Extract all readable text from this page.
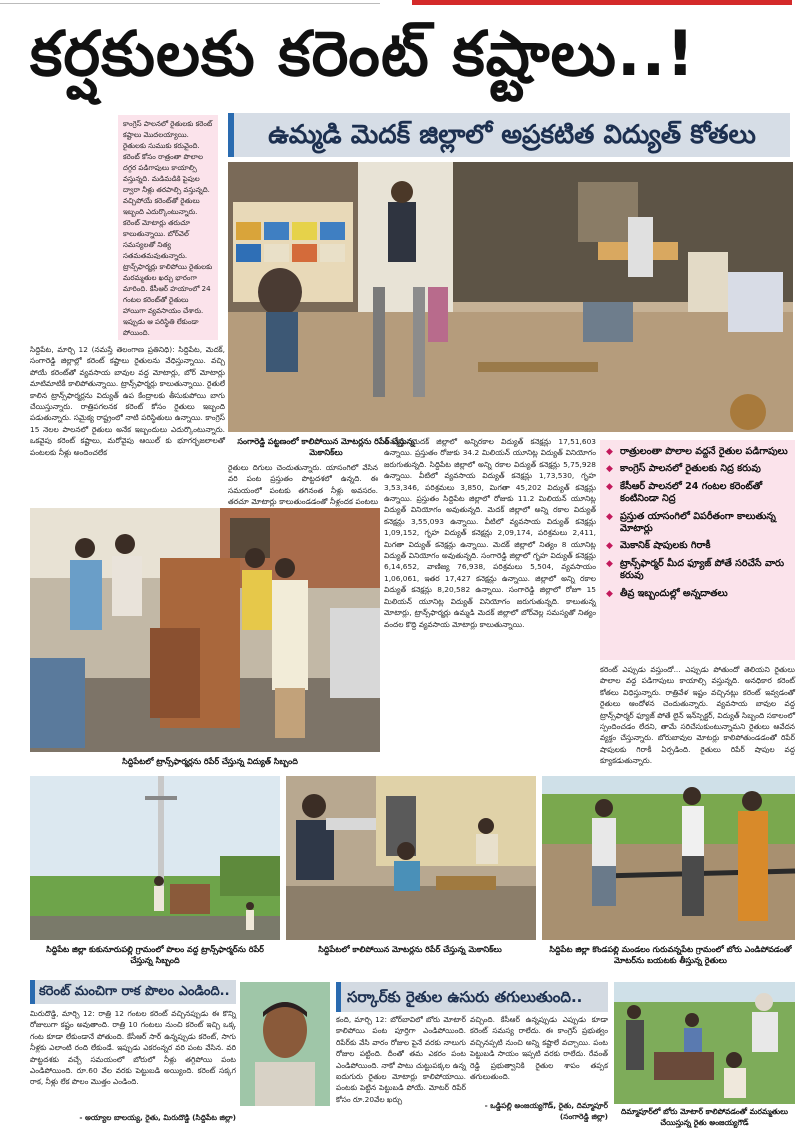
కర్షకులకు కరెంట్ కష్టాలు..!
కాంగ్రెస్ పాలనలో రైతులకు కరెంట్ కష్టాలు మొదలయ్యాయి. రైతులకు సుముకు కరువైంది. కరెంట్ కోసం రాత్రంతా పొలాల దగ్గర పడిగాపులు కాయాల్సి వస్తున్నది. మడిమడికి పైపుల ద్వారా నీళ్లు తరపాల్సి వస్తున్నది. వచ్చిపోయే కరెంట్‌తో రైతులు ఇబ్బంది ఎదుర్కొంటున్నారు. కరెంట్ మోటార్లు తరుచూ కాలుతున్నాయి. బోర్‌వెల్ సమస్యలతో నిత్య సతమతమవుతున్నారు. ట్రాన్స్‌ఫార్మర్లు కాలిపోయి రైతులకు మరమ్మతుల ఖర్చు భారంగా మారింది. కేసీఆర్ హయాంలో 24 గంటల కరెంట్‌తో రైతులు హాయిగా వ్యవసాయం చేశారు. ఇప్పుడు ఆ పరిస్థితి లేకుండా పోయింది.
ఉమ్మడి మెదక్ జిల్లాలో అప్రకటిత విద్యుత్ కోతలు
సంగారెడ్డి పట్టణంలో కాలిపోయిన మోటర్లను రిపేర్ చేస్తున్న మెకానిక్‌లు
సిద్దిపేట, మార్చి 12 (నమస్తే తెలంగాణ ప్రతినిధి): సిద్దిపేట, మెదక్, సంగారెడ్డి జిల్లాల్లో కరెంట్ కష్టాలు రైతులను వేధిస్తున్నాయి. వచ్చి పోయే కరెంట్‌తో వ్యవసాయ బావుల వద్ద మోటార్లు, బోర్ మోటార్లు మాటిమాటికీ కాలిపోతున్నాయి. ట్రాన్స్‌ఫార్మర్లు కాలుతున్నాయి. రైతులే కాలిన ట్రాన్స్‌ఫార్మర్లను విద్యుత్ ఉప కేంద్రాలకు తీసుకుపోయి బాగు చేయిస్తున్నారు. రాత్రిపగలనక కరెంట్ కోసం రైతులు ఇబ్బంది పడుతున్నారు. సమైక్య రాష్ట్రంలో నాటి పరిస్థితులు ఉన్నాయి. కాంగ్రెస్ 15 నెలల పాలనలో రైతులు అనేక ఇబ్బందులు ఎదుర్కొంటున్నారు. ఒకవైపు కరెంట్ కష్టాలు, మరోవైపు ఆయిల్ కు భూగర్భజలాలతో పంటలకు నీళ్లు అందించలేక
రైతులు దిగులు చెందుతున్నారు. యాసంగిలో వేసిన వరి పంట ప్రస్తుతం పొట్టదశలో ఉన్నది. ఈ సమయంలో పంటకు తగినంత నీళ్లు అవసరం. తరచూ మోటార్లు కాలుతుండడంతో నీళ్లందక పంటలు
ఉమ్మడి మెదక్ జిల్లాలో అన్నిరకాల విద్యుత్ కనెక్షన్లు 17,51,603 ఉన్నాయి. ప్రస్తుతం రోజుకు 34.2 మిలియన్ యూనిట్ల విద్యుత్ వినియోగం జరుగుతున్నది. సిద్దిపేట జిల్లాలో అన్ని రకాల విద్యుత్ కనెక్షన్లు 5,75,928 ఉన్నాయి. వీటిలో వ్యవసాయ విద్యుత్ కనెక్షన్లు 1,73,530, గృహ 3,53,346, పరిశ్రమలు 3,850, మిగతా 45,202 విద్యుత్ కనెక్షన్లు ఉన్నాయి. ప్రస్తుతం సిద్దిపేట జిల్లాలో రోజుకు 11.2 మిలియన్ యూనిట్ల విద్యుత్ వినియోగం అవుతున్నది. మెదక్ జిల్లాలో అన్ని రకాల విద్యుత్ కనెక్షన్లు 3,55,093 ఉన్నాయి. వీటిలో వ్యవసాయ విద్యుత్ కనెక్షన్లు 1,09,152, గృహ విద్యుత్ కనెక్షన్లు 2,09,174, పరిశ్రమలు 2,411, మిగతా విద్యుత్ కనెక్షన్లు ఉన్నాయి. మెదక్ జిల్లాలో నిత్యం 8 యూనిట్ల విద్యుత్ వినియోగం అవుతున్నది. సంగారెడ్డి జిల్లాలో గృహ విద్యుత్ కనెక్షన్లు 6,14,652, వాణిజ్య 76,938, పరిశ్రమలు 5,504, వ్యవసాయం 1,06,061, ఇతర 17,427 కనెక్షన్లు ఉన్నాయి. జిల్లాలో అన్ని రకాల విద్యుత్ కనెక్షన్లు 8,20,582 ఉన్నాయి. సంగారెడ్డి జిల్లాలో రోజూ 15 మిలియన్ యూనిట్ల విద్యుత్ వినియోగం జరుగుతున్నది. కాలుతున్న మోటార్లు, ట్రాన్స్‌ఫార్మర్లు ఉమ్మడి మెదక్ జిల్లాలో బోర్‌వెల్ల సమస్యతో నిత్యం వందల కొద్ది వ్యవసాయ మోటార్లు కాలుతున్నాయి.
◆ రాత్రులంతా పొలాల వద్దనే రైతుల పడిగాపులు
◆ కాంగ్రెస్ పాలనలో రైతులకు నిద్ర కరువు
◆ కేసీఆర్ పాలనలో 24 గంటల కరెంట్‌తో కంటినిండా నిద్ర
◆ ప్రస్తుత యాసంగిలో విపరీతంగా కాలుతున్న మోటార్లు
◆ మెకానిక్ షాపులకు గిరాకీ
◆ ట్రాన్స్‌ఫార్మర్ మీద ఫ్యూజ్ పోతే సరిచేసే వారు కరువు
◆ తీవ్ర ఇబ్బందుల్లో అన్నదాతలు
కరెంట్ ఎప్పుడు వస్తుందో... ఎప్పుడు పోతుందో తెలియని రైతులు పొలాల వద్ద పడిగాపులు కాయాల్సి వస్తున్నది. అనధికార కరెంట్ కోతలు విధిస్తున్నారు. రాత్రివేళ ఇష్టం వచ్చినట్లు కరెంట్ ఇవ్వడంతో రైతులు ఆందోళన చెందుతున్నారు. వ్యవసాయ బావుల వద్ద ట్రాన్స్‌ఫార్మర్ ఫ్యూజ్ పోతే లైన్ ఇన్‌స్పెక్టర్, విద్యుత్ సిబ్బంది సకాలంలో స్పందించడం లేదని, తామే సరిచేసుకుంటున్నామని రైతులు ఆవేదన వ్యక్తం చేస్తున్నారు. బోరుబావుల మోటర్లు కాలిపోతుండడంతో రిపేర్ షాపులకు గిరాకీ ఏర్పడింది. రైతులు రిపేర్ షాపుల వద్ద క్యూకడుతున్నారు.
సిద్దిపేటలో ట్రాన్స్‌ఫార్మర్లను రిపేర్ చేస్తున్న విద్యుత్ సిబ్బంది
సిద్దిపేట జిల్లా కుకునూరుపల్లి గ్రామంలో పొలం వద్ద ట్రాన్స్‌ఫార్మర్‌ను రిపేర్ చేస్తున్న సిబ్బంది
సిద్దిపేటలో కాలిపోయిన మోటర్లను రిపేర్ చేస్తున్న మెకానిక్‌లు	సిద్దిపేట జిల్లా కొండపల్లి మండలం గురువన్నపేట గ్రామంలో బోరు ఎండిపోవడంతో మోటర్‌ను బయటకు తీస్తున్న రైతులు
కరెంట్ మంచిగా రాక పొలం ఎండింది..
మిరుదొడ్డి, మార్చి 12: రాత్రి 12 గంటల కరెంట్ వచ్చినప్పుడు ఈ కొన్ని రోజులుగా కష్టం అవుతాంది. రాత్రి 10 గంటలు నుంచి కరెంట్ ఇచ్చి ఒక్క గంట కూడా లేకుండానే పోతుంది. కేసీఆర్ సార్ ఉన్నప్పుడు కరెంట్, సాగు నీళ్లకు ఎలాంటి రంది లేకుండే. ఇప్పుడు ఎకరంన్నర వరి పంట వేసిన. వరి పొట్టదశకు వచ్చే సమయంలో బోరులో నీళ్లు తగ్గిపోయి పంట ఎండిపోయింది. రూ.60 వేల వరకు పెట్టుబడి అయ్యింది. కరెంట్ సక్కగ రాక, నీళ్లు లేక పొలం మొత్తం ఎండింది.
- అయ్యాల బాలయ్య, రైతు, మిరుదొడ్డి (సిద్దిపేట జిల్లా)
సర్కార్‌కు రైతుల ఉసురు తగులుతుంది..
కంది, మార్చి 12: బోర్‌బావిలో బోరు మోటార్ కాలిపోయి పంట పూర్తిగా ఎండిపోయింది. రిపేర్‌కు వేసి వారం రోజుల పైనే వరకు నాలుగు రోజుల పట్టింది. దీంతో తమ ఎకరం పంట ఎండిపోయింది. నాకో పాటు చుట్టుపక్కల ఉన్న ఐదుగురు రైతుల మోటార్లు కాలిపోయాయి. పంటకు పెట్టిన పెట్టుబడి పోయే. మోటర్ రిపేర్ కోసం రూ.20వేల ఖర్చు
వచ్చింది. కేసీఆర్ ఉన్నప్పుడు ఎప్పుడు కూడా కరెంట్ సమస్య రాలేదు. ఈ కాంగ్రెస్ ప్రభుత్వం వచ్చినప్పటి నుంచి అన్ని కష్టాలే వచ్చాయి. పంట పెట్టుబడి సాయం ఇప్పటి వరకు రాలేదు. రేవంత్ రెడ్డి ప్రభుత్వానికి రైతుల శాపం తప్పక తగులుతుంది.
- ఒడ్డిపల్లి అంజయ్యగౌడ్, రైతు, దిమ్మాపూర్ (సంగారెడ్డి జిల్లా)
దిమ్మాపూర్‌లో బోరు మోటార్ కాలిపోవడంతో మరమ్మతులు చేయిస్తున్న రైతు అంజయ్యగౌడ్
